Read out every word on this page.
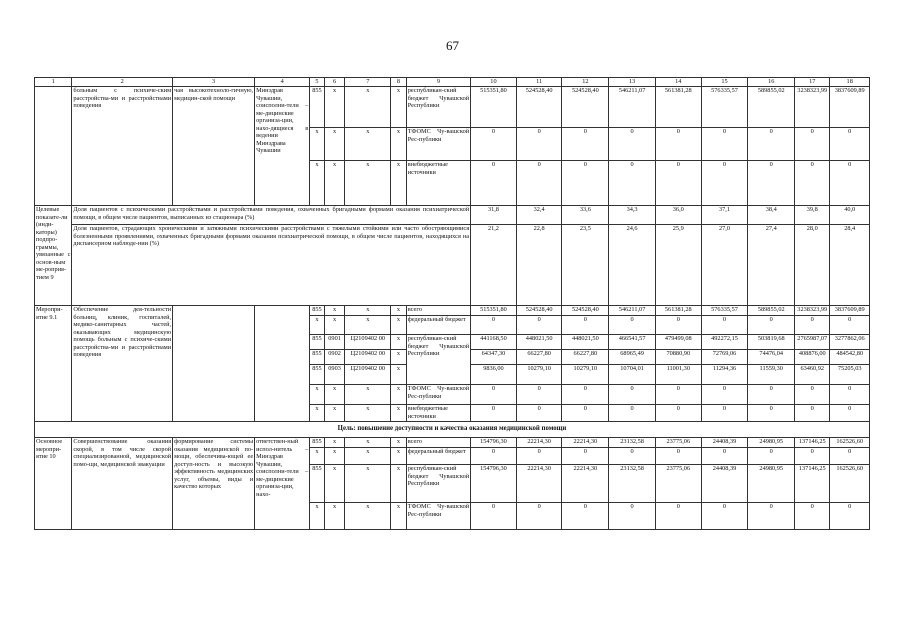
67
1	2	3	4	5	6	7	8	9	10	11	12	13	14	15	16	17	18
	больным с психиче-ским расстройства-ми и расстройствами поведения	чая высокотехноло-гичную, медицин-ской помощи	Минздрав Чувашии, соисполни-тели – ме-дицинские организа-ции, нахо-дящиеся в ведении Минздрава Чувашии	855	х	х	х	республикан-ский бюджет Чувашской Республики	515351,80	524528,40	524528,40	546211,07	561381,28	576335,57	589855,02	3238323,99	3837609,89
				х	х	х	х	ТФОМС Чу-вашской Рес-публики	0	0	0	0	0	0	0	0	0
				х	х	х	х	внебюджетные источники	0	0	0	0	0	0	0	0	0
Целевые показате-ли (инди-каторы) подпро-граммы, увязанные с основ-ным ме-роприя-тием 9	Доля пациентов с психическими расстройствами и расстройствами поведения, охваченных бригадными формами оказания психиатрической помощи, в общем числе пациентов, выписанных из стационара (%)								31,8	32,4	33,6	34,3	36,0	37,1	38,4	39,8	40,0
	Доля пациентов, страдающих хроническими и затяжными психическими расстройствами с тяжелыми стойкими или часто обостряющимися болезненными проявлениями, охваченных бригадными формами оказания психиатрической помощи, в общем числе пациентов, находящихся на диспансерном наблюде-нии (%)								21,2	22,8	23,5	24,6	25,9	27,0	27,4	28,0	28,4
Меропри-ятие 9.1	Обеспечение дея-тельности больниц, клиник, госпиталей, медико-санитарных частей, оказывающих медицинскую помощь больным с психиче-скими расстройства-ми и расстройствами поведения			855	х	х	х	всего	515351,80	524528,40	524528,40	546211,07	561381,28	576335,57	589855,02	3238323,99	3837609,89
				х	х	х	х	федеральный бюджет	0	0	0	0	0	0	0	0	0
				855	0901	Ц2109402 00	х	республикан-ский бюджет Чувашской Республики	441168,50	448021,50	448021,50	466541,57	479499,08	492272,15	503819,68	2765987,07	3277862,06
				855	0902	Ц2109402 00	х		64347,30	66227,80	66227,80	68965,49	70880,90	72769,06	74476,04	408876,00	484542,80
				855	0903	Ц2109402 00	х		9836,00	10279,10	10279,10	10704,01	11001,30	11294,36	11559,30	63460,92	75205,03
				х	х	х	х	ТФОМС Чу-вашской Рес-публики	0	0	0	0	0	0	0	0	0
				х	х	х	х	внебюджетные источники	0	0	0	0	0	0	0	0	0
Цель: повышение доступности и качества оказания медицинской помощи																	
Основное меропри-ятие 10	Совершенствование оказания скорой, в том числе скорой специализированной, медицинской помо-щи, медицинской эвакуации	формирование системы оказания медицинской по-мощи, обеспечива-ющей ее доступ-ность и высокую эффективность медицинских услуг, объемы, виды и качество которых	ответствен-ный испол-нитель – Минздрав Чувашии, соисполни-тели – ме-дицинские организа-ции, нахо-	855	х	х	х	всего	154796,30	22214,30	22214,30	23132,58	23775,06	24408,39	24980,95	137146,25	162526,60
				х	х	х	х	федеральный бюджет	0	0	0	0	0	0	0	0	0
				855	х	х	х	республикан-ский бюджет Чувашской Республики	154796,30	22214,30	22214,30	23132,58	23775,06	24408,39	24980,95	137146,25	162526,60
				х	х	х	х	ТФОМС Чу-вашской Рес-публики	0	0	0	0	0	0	0	0	0
